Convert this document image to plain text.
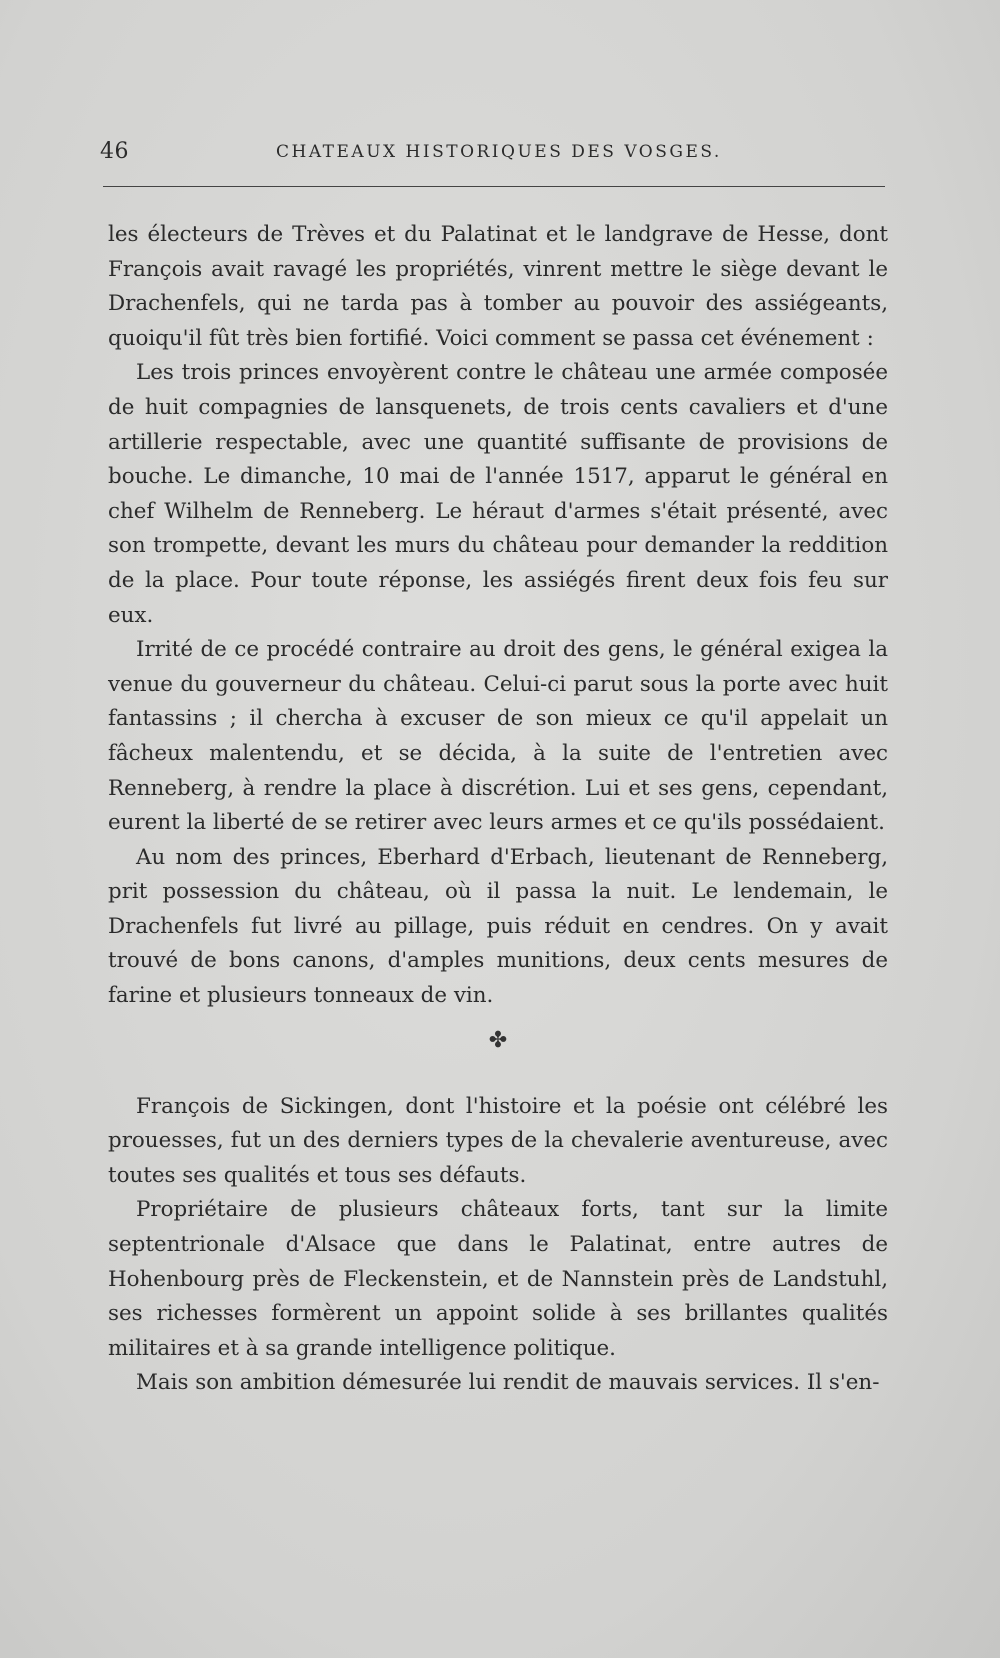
46	CHATEAUX HISTORIQUES DES VOSGES.

les électeurs de Trèves et du Palatinat et le landgrave de Hesse, dont François avait ravagé les propriétés, vinrent mettre le siège devant le Drachenfels, qui ne tarda pas à tomber au pouvoir des assiégeants, quoiqu'il fût très bien fortifié. Voici comment se passa cet événement :

Les trois princes envoyèrent contre le château une armée composée de huit compagnies de lansquenets, de trois cents cavaliers et d'une artillerie respectable, avec une quantité suffisante de provisions de bouche. Le dimanche, 10 mai de l'année 1517, apparut le général en chef Wilhelm de Renneberg. Le héraut d'armes s'était présenté, avec son trompette, devant les murs du château pour demander la reddition de la place. Pour toute réponse, les assiégés firent deux fois feu sur eux.

Irrité de ce procédé contraire au droit des gens, le général exigea la venue du gouverneur du château. Celui-ci parut sous la porte avec huit fantassins ; il chercha à excuser de son mieux ce qu'il appelait un fâcheux malentendu, et se décida, à la suite de l'entretien avec Renneberg, à rendre la place à discrétion. Lui et ses gens, cependant, eurent la liberté de se retirer avec leurs armes et ce qu'ils possédaient.

Au nom des princes, Eberhard d'Erbach, lieutenant de Renneberg, prit possession du château, où il passa la nuit. Le lendemain, le Drachenfels fut livré au pillage, puis réduit en cendres. On y avait trouvé de bons canons, d'amples munitions, deux cents mesures de farine et plusieurs tonneaux de vin.

✤

François de Sickingen, dont l'histoire et la poésie ont célébré les prouesses, fut un des derniers types de la chevalerie aventureuse, avec toutes ses qualités et tous ses défauts.

Propriétaire de plusieurs châteaux forts, tant sur la limite septentrionale d'Alsace que dans le Palatinat, entre autres de Hohenbourg près de Fleckenstein, et de Nannstein près de Landstuhl, ses richesses formèrent un appoint solide à ses brillantes qualités militaires et à sa grande intelligence politique.

Mais son ambition démesurée lui rendit de mauvais services. Il s'en-
